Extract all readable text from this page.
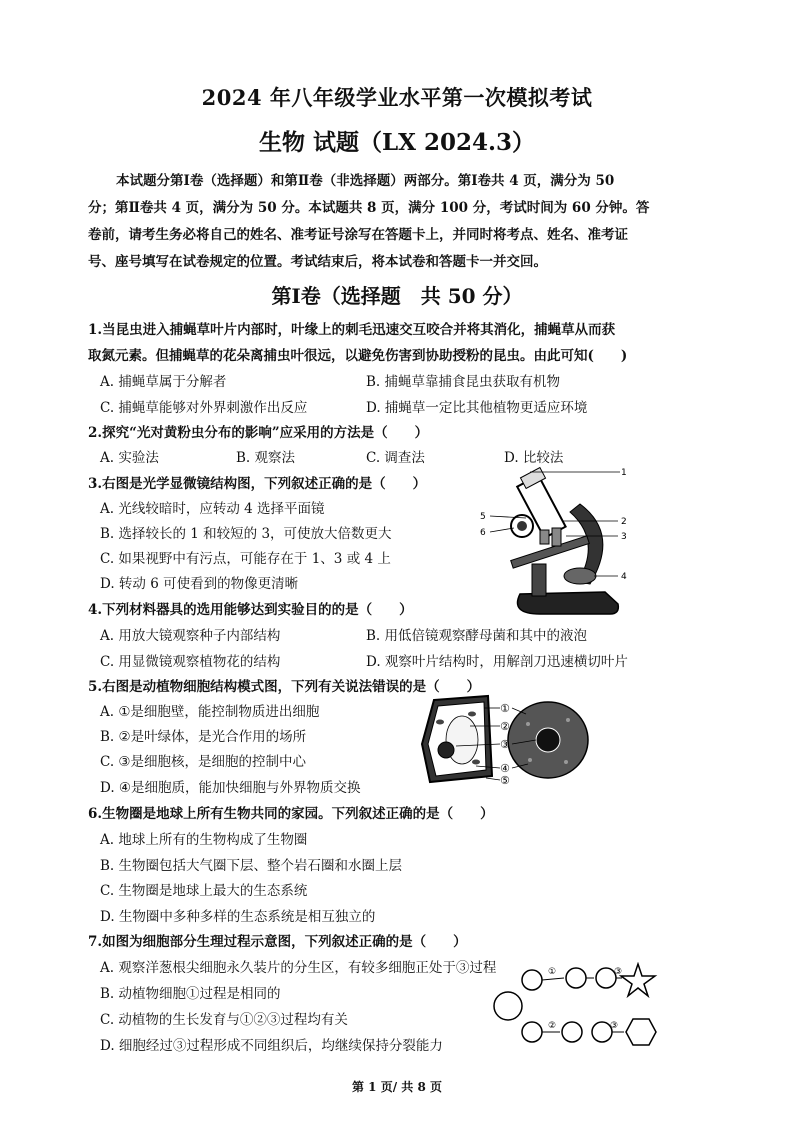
2024 年八年级学业水平第一次模拟考试
生物 试题（LX 2024.3）
本试题分第Ⅰ卷（选择题）和第Ⅱ卷（非选择题）两部分。第Ⅰ卷共 4 页，满分为 50
分；第Ⅱ卷共 4 页，满分为 50 分。本试题共 8 页，满分 100 分，考试时间为 60 分钟。答
卷前，请考生务必将自己的姓名、准考证号涂写在答题卡上，并同时将考点、姓名、准考证
号、座号填写在试卷规定的位置。考试结束后，将本试卷和答题卡一并交回。
第Ⅰ卷（选择题　共 50 分）
1.当昆虫进入捕蝇草叶片内部时，叶缘上的刺毛迅速交互咬合并将其消化，捕蝇草从而获
取氮元素。但捕蝇草的花朵离捕虫叶很远，以避免伤害到协助授粉的昆虫。由此可知(　　)
A. 捕蝇草属于分解者	B. 捕蝇草靠捕食昆虫获取有机物
C. 捕蝇草能够对外界刺激作出反应	D. 捕蝇草一定比其他植物更适应环境
2.探究“光对黄粉虫分布的影响”应采用的方法是（　　）
A. 实验法	B. 观察法	C. 调查法	D. 比较法
3.右图是光学显微镜结构图，下列叙述正确的是（　　）
A. 光线较暗时，应转动 4 选择平面镜
B. 选择较长的 1 和较短的 3，可使放大倍数更大
C. 如果视野中有污点，可能存在于 1、3 或 4 上
D. 转动 6 可使看到的物像更清晰
1
2
3
4
5
6
4.下列材料器具的选用能够达到实验目的的是（　　）
A. 用放大镜观察种子内部结构	B. 用低倍镜观察酵母菌和其中的液泡
C. 用显微镜观察植物花的结构	D. 观察叶片结构时，用解剖刀迅速横切叶片
5.右图是动植物细胞结构模式图，下列有关说法错误的是（　　）
A. ①是细胞壁，能控制物质进出细胞
B. ②是叶绿体，是光合作用的场所
C. ③是细胞核，是细胞的控制中心
D. ④是细胞质，能加快细胞与外界物质交换
①
②
③
④
⑤
6.生物圈是地球上所有生物共同的家园。下列叙述正确的是（　　）
A. 地球上所有的生物构成了生物圈
B. 生物圈包括大气圈下层、整个岩石圈和水圈上层
C. 生物圈是地球上最大的生态系统
D. 生物圈中多种多样的生态系统是相互独立的
7.如图为细胞部分生理过程示意图，下列叙述正确的是（　　）
A. 观察洋葱根尖细胞永久装片的分生区，有较多细胞正处于③过程
B. 动植物细胞①过程是相同的
C. 动植物的生长发育与①②③过程均有关
D. 细胞经过③过程形成不同组织后，均继续保持分裂能力
①
②
③
③
第 1 页/ 共 8 页
